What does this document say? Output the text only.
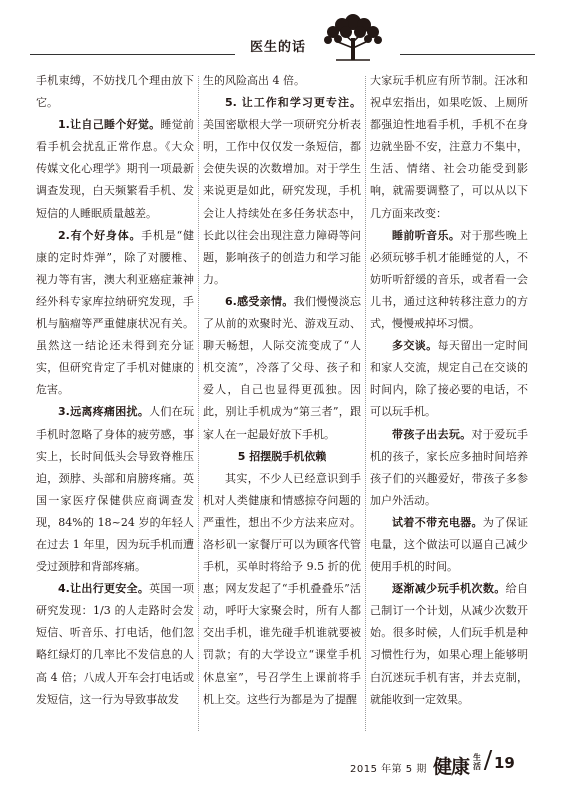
医生的话

手机束缚，不妨找几个理由放下它。

1.让自己睡个好觉。睡觉前看手机会扰乱正常作息。《大众传媒文化心理学》期刊一项最新调查发现，白天频繁看手机、发短信的人睡眠质量越差。

2.有个好身体。手机是“健康的定时炸弹”，除了对腰椎、视力等有害，澳大利亚癌症兼神经外科专家库拉纳研究发现，手机与脑瘤等严重健康状况有关。虽然这一结论还未得到充分证实，但研究肯定了手机对健康的危害。

3.远离疼痛困扰。人们在玩手机时忽略了身体的疲劳感，事实上，长时间低头会导致脊椎压迫，颈脖、头部和肩膀疼痛。英国一家医疗保健供应商调查发现，84%的 18~24 岁的年轻人在过去 1 年里，因为玩手机而遭受过颈脖和背部疼痛。

4.让出行更安全。英国一项研究发现：1/3 的人走路时会发短信、听音乐、打电话，他们忽略红绿灯的几率比不发信息的人高 4 倍；八成人开车会打电话或发短信，这一行为导致事故发

生的风险高出 4 倍。

5. 让工作和学习更专注。美国密歇根大学一项研究分析表明，工作中仅仅发一条短信，都会使失误的次数增加。对于学生来说更是如此，研究发现，手机会让人持续处在多任务状态中，长此以往会出现注意力障碍等问题，影响孩子的创造力和学习能力。

6.感受亲情。我们慢慢淡忘了从前的欢聚时光、游戏互动、聊天畅想，人际交流变成了“人机交流”，冷落了父母、孩子和爱人，自己也显得更孤独。因此，别让手机成为“第三者”，跟家人在一起最好放下手机。

5 招摆脱手机依赖

其实，不少人已经意识到手机对人类健康和情感掠夺问题的严重性，想出不少方法来应对。洛杉矶一家餐厅可以为顾客代管手机，买单时将给予 9.5 折的优惠；网友发起了“手机叠叠乐”活动，呼吁大家聚会时，所有人都交出手机，谁先碰手机谁就要被罚款；有的大学设立“课堂手机休息室”，号召学生上课前将手机上交。这些行为都是为了提醒

大家玩手机应有所节制。汪冰和祝卓宏指出，如果吃饭、上厕所都强迫性地看手机，手机不在身边就坐卧不安，注意力不集中，生活、情绪、社会功能受到影响，就需要调整了，可以从以下几方面来改变：

睡前听音乐。对于那些晚上必须玩够手机才能睡觉的人，不妨听听舒缓的音乐，或者看一会儿书，通过这种转移注意力的方式，慢慢戒掉坏习惯。

多交谈。每天留出一定时间和家人交流，规定自己在交谈的时间内，除了接必要的电话，不可以玩手机。

带孩子出去玩。对于爱玩手机的孩子，家长应多抽时间培养孩子们的兴趣爱好，带孩子多参加户外活动。

试着不带充电器。为了保证电量，这个做法可以逼自己减少使用手机的时间。

逐渐减少玩手机次数。给自己制订一个计划，从减少次数开始。很多时候，人们玩手机是种习惯性行为，如果心理上能够明白沉迷玩手机有害，并去克制，就能收到一定效果。

2015 年第 5 期 健康 生活 19
